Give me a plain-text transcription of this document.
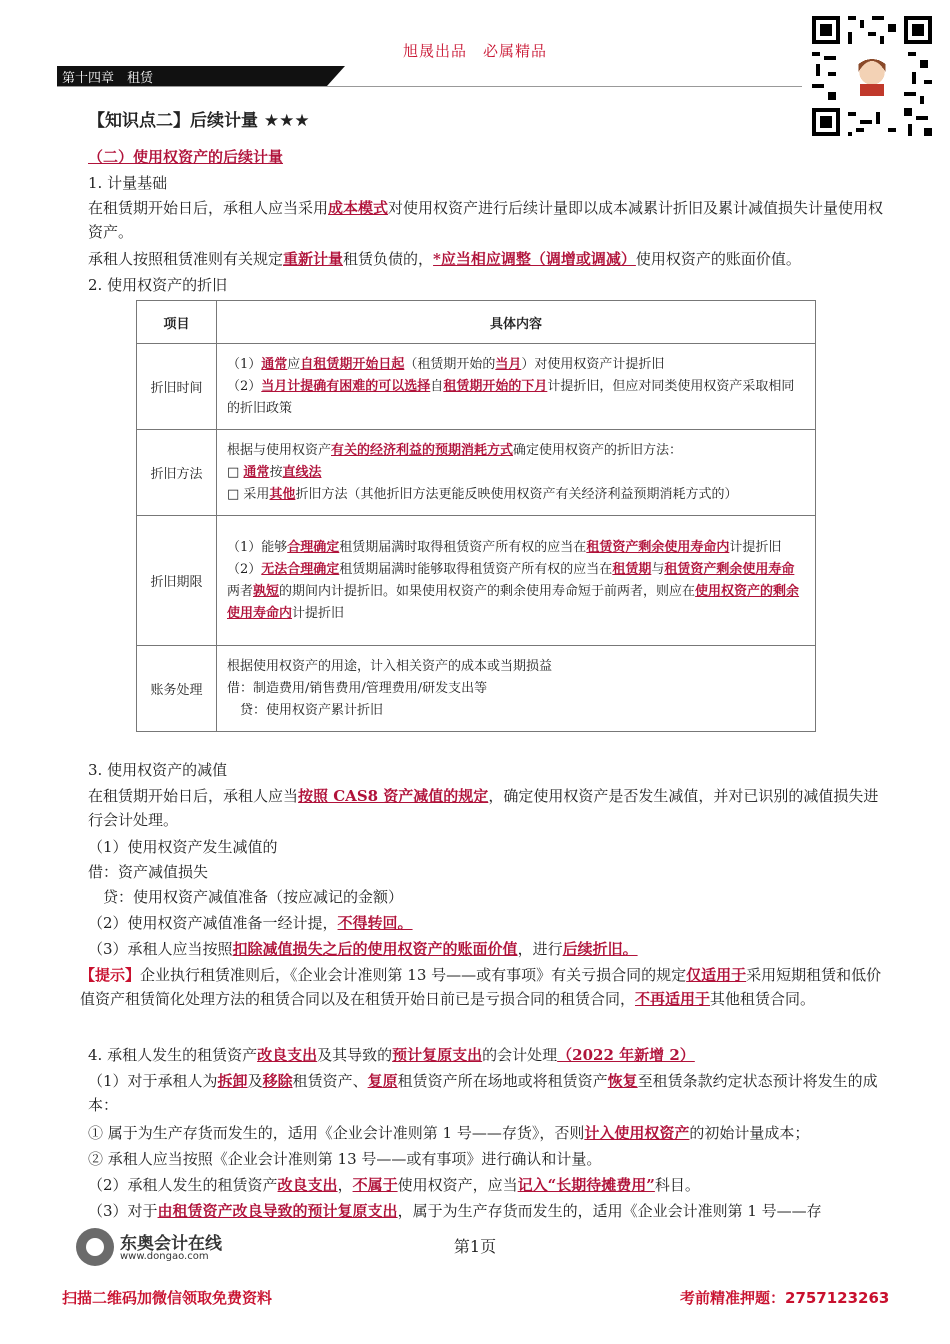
旭晟出品　必属精品
第十四章　租赁
【知识点二】后续计量 ★★★
（二）使用权资产的后续计量
1. 计量基础
在租赁期开始日后，承租人应当采用成本模式对使用权资产进行后续计量即以成本减累计折旧及累计减值损失计量使用权资产。
承租人按照租赁准则有关规定重新计量租赁负债的，*应当相应调整（调增或调减）使用权资产的账面价值。
2. 使用权资产的折旧
项目	具体内容
折旧时间	（1）通常应自租赁期开始日起（租赁期开始的当月）对使用权资产计提折旧
（2）当月计提确有困难的可以选择自租赁期开始的下月计提折旧，但应对同类使用权资产采取相同的折旧政策

折旧方法	根据与使用权资产有关的经济利益的预期消耗方式确定使用权资产的折旧方法：
□ 通常按直线法
□ 采用其他折旧方法（其他折旧方法更能反映使用权资产有关经济利益预期消耗方式的）

折旧期限	（1）能够合理确定租赁期届满时取得租赁资产所有权的应当在租赁资产剩余使用寿命内计提折旧
（2）无法合理确定租赁期届满时能够取得租赁资产所有权的应当在租赁期与租赁资产剩余使用寿命两者孰短的期间内计提折旧。如果使用权资产的剩余使用寿命短于前两者，则应在使用权资产的剩余使用寿命内计提折旧

账务处理	根据使用权资产的用途，计入相关资产的成本或当期损益
借：制造费用/销售费用/管理费用/研发支出等
　贷：使用权资产累计折旧
3. 使用权资产的减值
在租赁期开始日后，承租人应当按照 CAS8 资产减值的规定，确定使用权资产是否发生减值，并对已识别的减值损失进行会计处理。
（1）使用权资产发生减值的
借：资产减值损失
　贷：使用权资产减值准备（按应减记的金额）
（2）使用权资产减值准备一经计提，不得转回。
（3）承租人应当按照扣除减值损失之后的使用权资产的账面价值，进行后续折旧。
【提示】企业执行租赁准则后，《企业会计准则第 13 号——或有事项》有关亏损合同的规定仅适用于采用短期租赁和低价值资产租赁简化处理方法的租赁合同以及在租赁开始日前已是亏损合同的租赁合同，不再适用于其他租赁合同。
4. 承租人发生的租赁资产改良支出及其导致的预计复原支出的会计处理（2022 年新增 2）
（1）对于承租人为拆卸及移除租赁资产、复原租赁资产所在场地或将租赁资产恢复至租赁条款约定状态预计将发生的成本：
① 属于为生产存货而发生的，适用《企业会计准则第 1 号——存货》，否则计入使用权资产的初始计量成本；
② 承租人应当按照《企业会计准则第 13 号——或有事项》进行确认和计量。
（2）承租人发生的租赁资产改良支出，不属于使用权资产，应当记入“长期待摊费用”科目。
（3）对于由租赁资产改良导致的预计复原支出，属于为生产存货而发生的，适用《企业会计准则第 1 号——存
东奥会计在线
www.dongao.com
第1页
扫描二维码加微信领取免费资料	考前精准押题：2757123263
